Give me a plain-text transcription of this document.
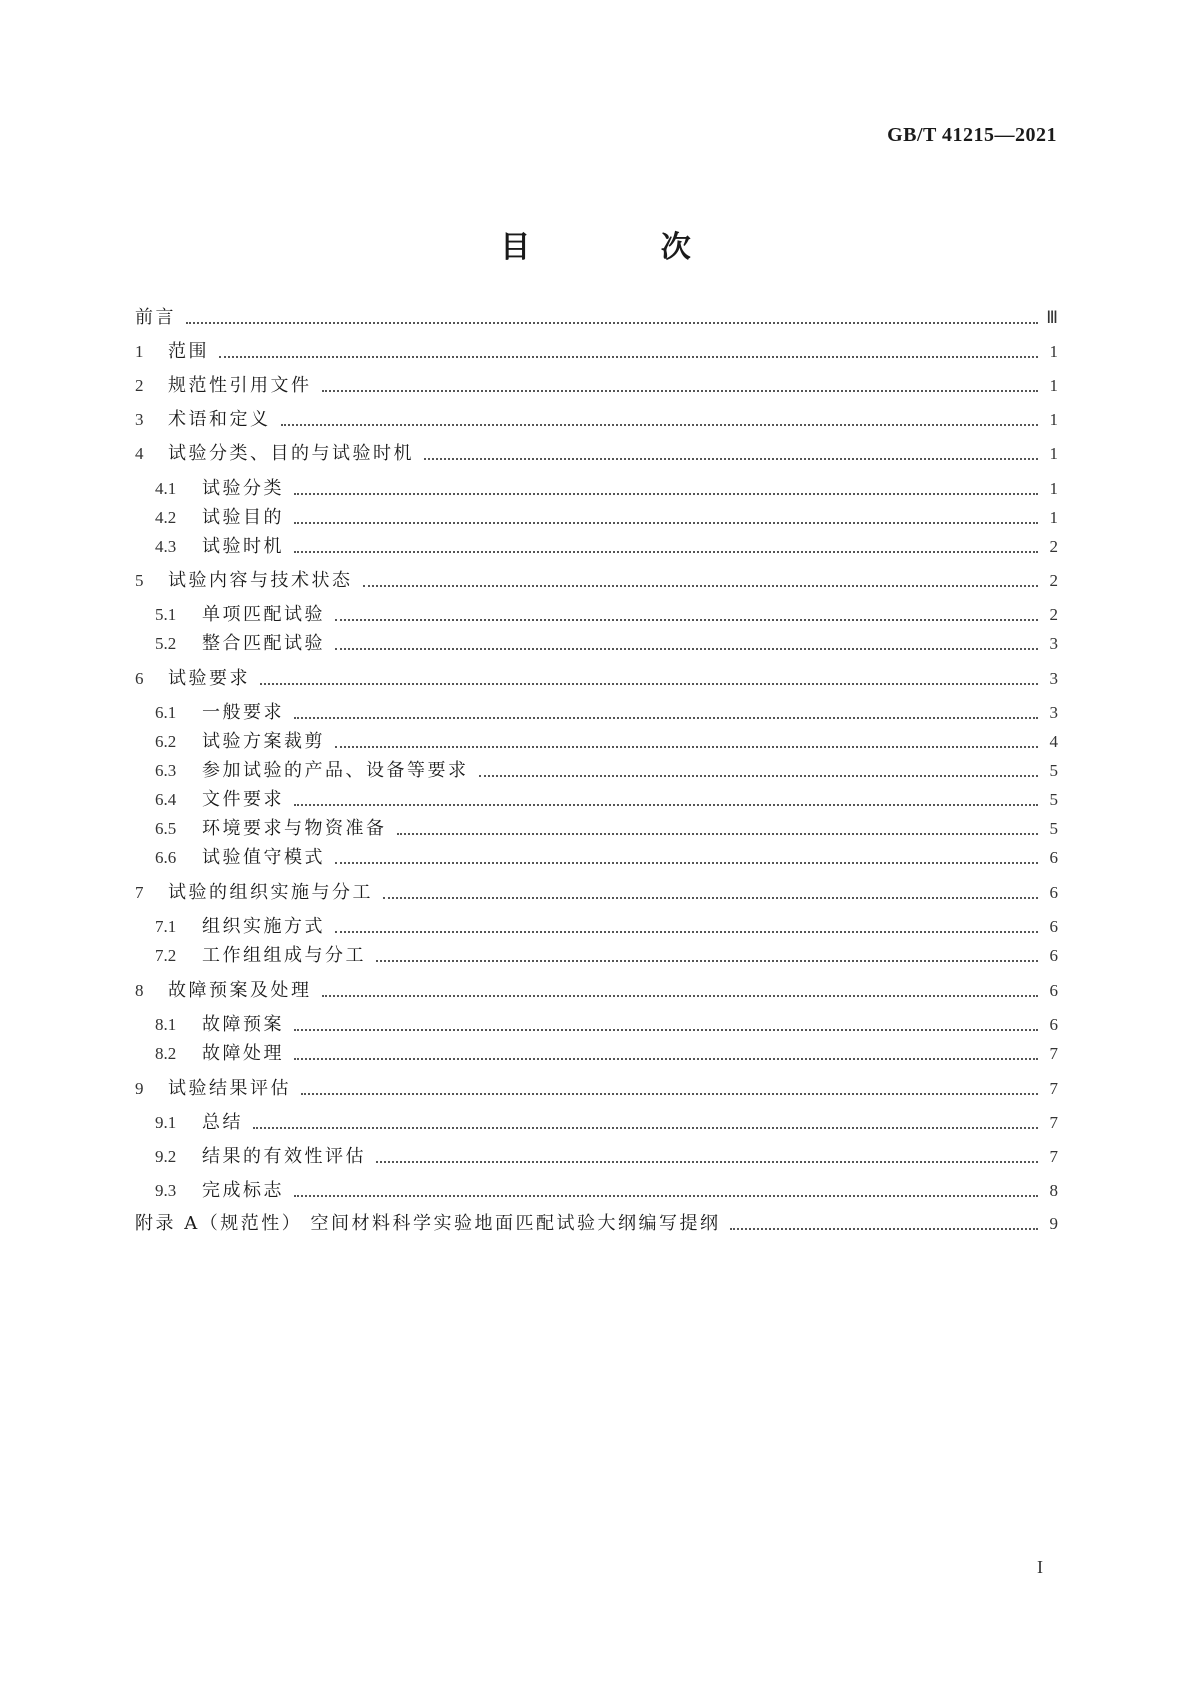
GB/T 41215—2021
目 次
前言	Ⅲ
1	范围	1
2	规范性引用文件	1
3	术语和定义	1
4	试验分类、目的与试验时机	1
4.1	试验分类	1
4.2	试验目的	1
4.3	试验时机	2
5	试验内容与技术状态	2
5.1	单项匹配试验	2
5.2	整合匹配试验	3
6	试验要求	3
6.1	一般要求	3
6.2	试验方案裁剪	4
6.3	参加试验的产品、设备等要求	5
6.4	文件要求	5
6.5	环境要求与物资准备	5
6.6	试验值守模式	6
7	试验的组织实施与分工	6
7.1	组织实施方式	6
7.2	工作组组成与分工	6
8	故障预案及处理	6
8.1	故障预案	6
8.2	故障处理	7
9	试验结果评估	7
9.1	总结	7
9.2	结果的有效性评估	7
9.3	完成标志	8
附录 A（规范性） 空间材料科学实验地面匹配试验大纲编写提纲	9
I
